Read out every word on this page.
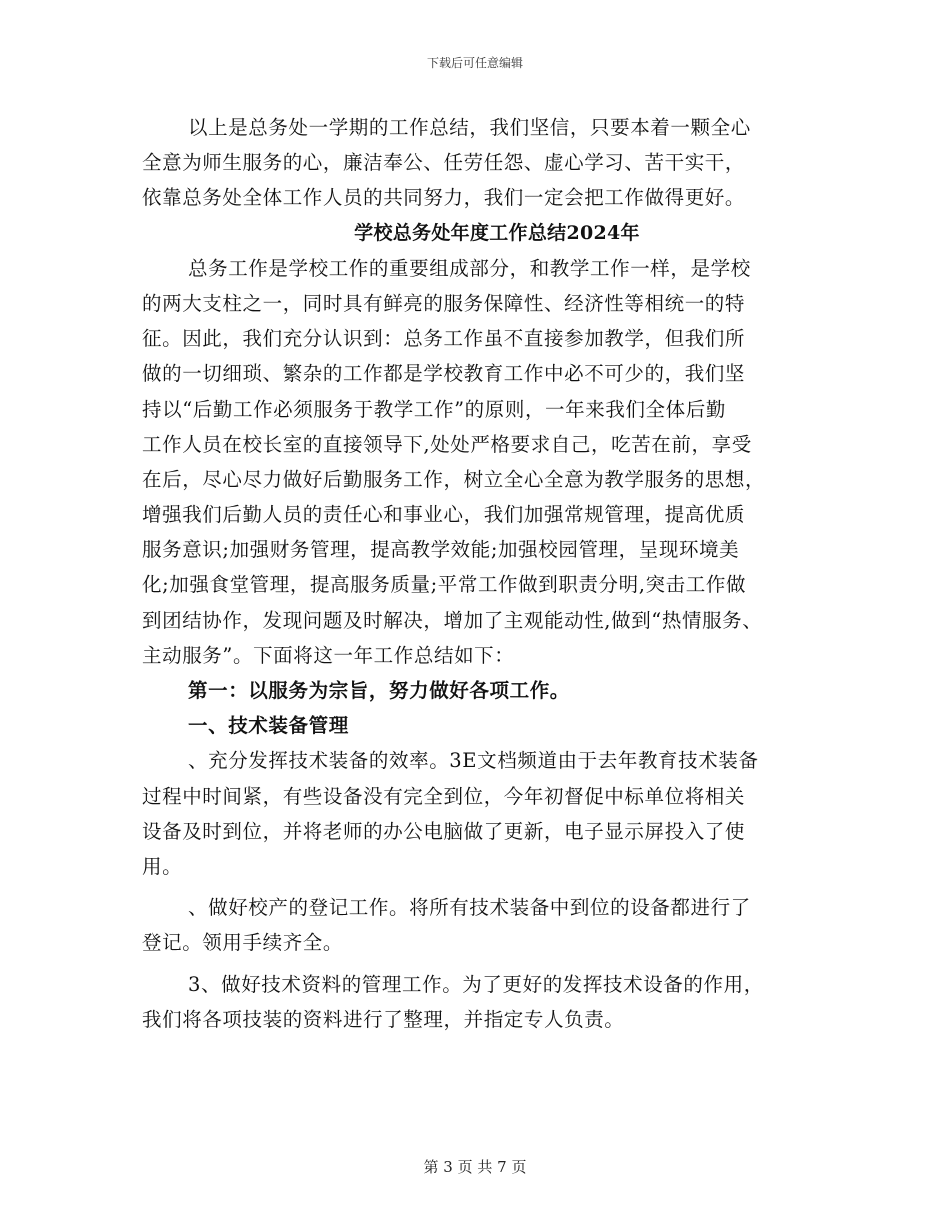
下载后可任意编辑
以上是总务处一学期的工作总结，我们坚信，只要本着一颗全心
全意为师生服务的心，廉洁奉公、任劳任怨、虚心学习、苦干实干，
依靠总务处全体工作人员的共同努力，我们一定会把工作做得更好。
学校总务处年度工作总结2024年
总务工作是学校工作的重要组成部分，和教学工作一样，是学校
的两大支柱之一，同时具有鲜亮的服务保障性、经济性等相统一的特
征。因此，我们充分认识到：总务工作虽不直接参加教学，但我们所
做的一切细琐、繁杂的工作都是学校教育工作中必不可少的，我们坚
持以“后勤工作必须服务于教学工作”的原则，一年来我们全体后勤
工作人员在校长室的直接领导下,处处严格要求自己，吃苦在前，享受
在后，尽心尽力做好后勤服务工作，树立全心全意为教学服务的思想，
增强我们后勤人员的责任心和事业心，我们加强常规管理，提高优质
服务意识;加强财务管理，提高教学效能;加强校园管理，呈现环境美
化;加强食堂管理，提高服务质量;平常工作做到职责分明,突击工作做
到团结协作，发现问题及时解决，增加了主观能动性,做到“热情服务、
主动服务”。下面将这一年工作总结如下：
第一：以服务为宗旨，努力做好各项工作。
一、技术装备管理
、充分发挥技术装备的效率。3E文档频道由于去年教育技术装备
过程中时间紧，有些设备没有完全到位，今年初督促中标单位将相关
设备及时到位，并将老师的办公电脑做了更新，电子显示屏投入了使
用。
、做好校产的登记工作。将所有技术装备中到位的设备都进行了
登记。领用手续齐全。
3、做好技术资料的管理工作。为了更好的发挥技术设备的作用，
我们将各项技装的资料进行了整理，并指定专人负责。
第 3 页 共 7 页
